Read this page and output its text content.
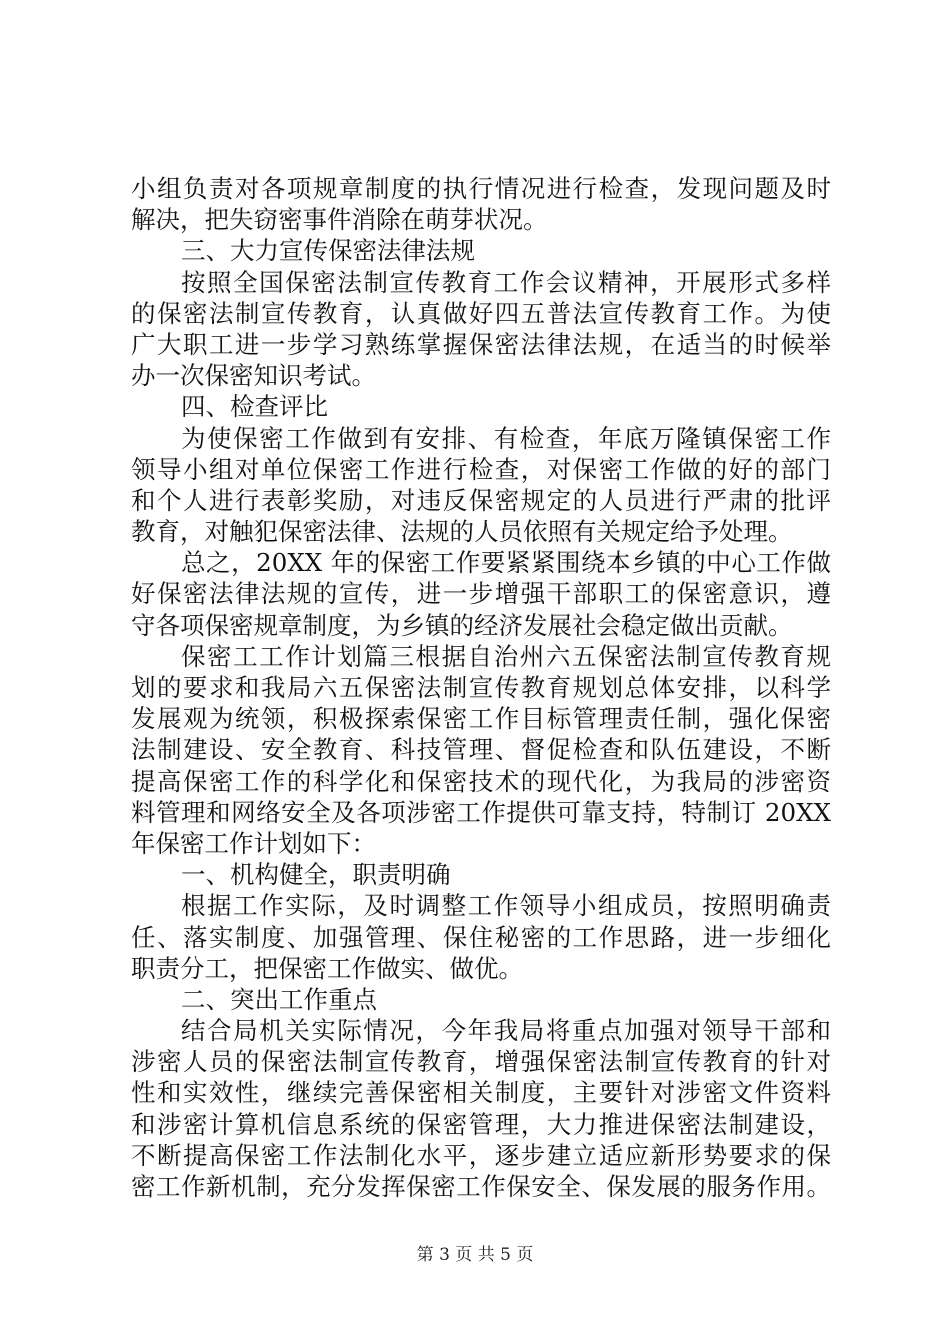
小组负责对各项规章制度的执行情况进行检查，发现问题及时
解决，把失窃密事件消除在萌芽状况。
三、大力宣传保密法律法规
按照全国保密法制宣传教育工作会议精神，开展形式多样
的保密法制宣传教育，认真做好四五普法宣传教育工作。为使
广大职工进一步学习熟练掌握保密法律法规，在适当的时候举
办一次保密知识考试。
四、检查评比
为使保密工作做到有安排、有检查，年底万隆镇保密工作
领导小组对单位保密工作进行检查，对保密工作做的好的部门
和个人进行表彰奖励，对违反保密规定的人员进行严肃的批评
教育，对触犯保密法律、法规的人员依照有关规定给予处理。
总之，20XX 年的保密工作要紧紧围绕本乡镇的中心工作做
好保密法律法规的宣传，进一步增强干部职工的保密意识，遵
守各项保密规章制度，为乡镇的经济发展社会稳定做出贡献。
保密工工作计划篇三根据自治州六五保密法制宣传教育规
划的要求和我局六五保密法制宣传教育规划总体安排，以科学
发展观为统领，积极探索保密工作目标管理责任制，强化保密
法制建设、安全教育、科技管理、督促检查和队伍建设，不断
提高保密工作的科学化和保密技术的现代化，为我局的涉密资
料管理和网络安全及各项涉密工作提供可靠支持，特制订 20XX
年保密工作计划如下：
一、机构健全，职责明确
根据工作实际，及时调整工作领导小组成员，按照明确责
任、落实制度、加强管理、保住秘密的工作思路，进一步细化
职责分工，把保密工作做实、做优。
二、突出工作重点
结合局机关实际情况，今年我局将重点加强对领导干部和
涉密人员的保密法制宣传教育，增强保密法制宣传教育的针对
性和实效性，继续完善保密相关制度，主要针对涉密文件资料
和涉密计算机信息系统的保密管理，大力推进保密法制建设，
不断提高保密工作法制化水平，逐步建立适应新形势要求的保
密工作新机制，充分发挥保密工作保安全、保发展的服务作用。
第 3 页 共 5 页
